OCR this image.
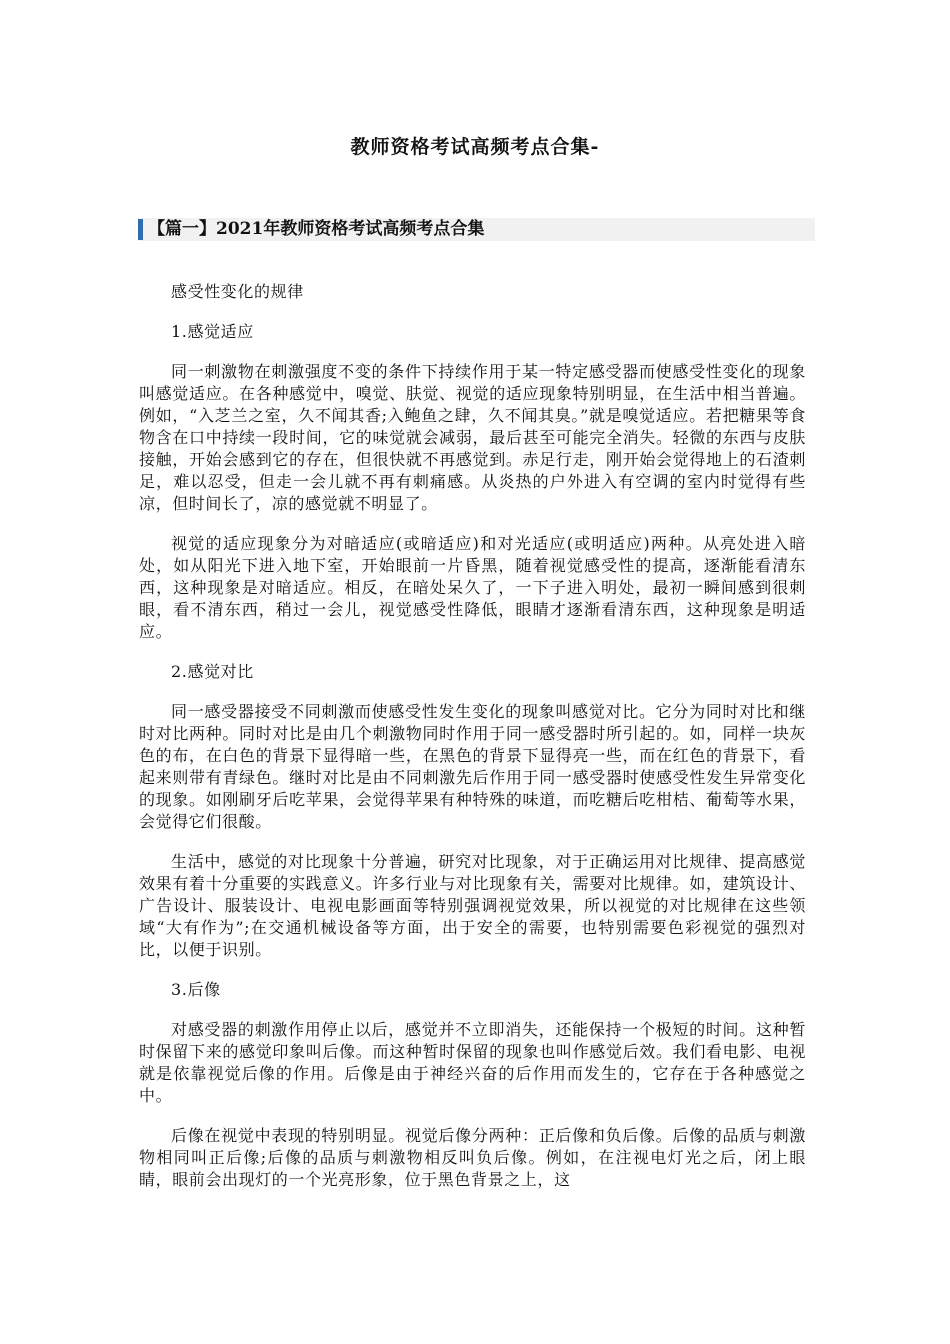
教师资格考试高频考点合集-
【篇一】2021年教师资格考试高频考点合集

感受性变化的规律

1.感觉适应

同一刺激物在刺激强度不变的条件下持续作用于某一特定感受器而使感受性变化的现象叫感觉适应。在各种感觉中，嗅觉、肤觉、视觉的适应现象特别明显，在生活中相当普遍。例如，“入芝兰之室，久不闻其香;入鲍鱼之肆，久不闻其臭。”就是嗅觉适应。若把糖果等食物含在口中持续一段时间，它的味觉就会减弱，最后甚至可能完全消失。轻微的东西与皮肤接触，开始会感到它的存在，但很快就不再感觉到。赤足行走，刚开始会觉得地上的石渣刺足，难以忍受，但走一会儿就不再有刺痛感。从炎热的户外进入有空调的室内时觉得有些凉，但时间长了，凉的感觉就不明显了。

视觉的适应现象分为对暗适应(或暗适应)和对光适应(或明适应)两种。从亮处进入暗处，如从阳光下进入地下室，开始眼前一片昏黑，随着视觉感受性的提高，逐渐能看清东西，这种现象是对暗适应。相反，在暗处呆久了，一下子进入明处，最初一瞬间感到很刺眼，看不清东西，稍过一会儿，视觉感受性降低，眼睛才逐渐看清东西，这种现象是明适应。

2.感觉对比

同一感受器接受不同刺激而使感受性发生变化的现象叫感觉对比。它分为同时对比和继时对比两种。同时对比是由几个刺激物同时作用于同一感受器时所引起的。如，同样一块灰色的布，在白色的背景下显得暗一些，在黑色的背景下显得亮一些，而在红色的背景下，看起来则带有青绿色。继时对比是由不同刺激先后作用于同一感受器时使感受性发生异常变化的现象。如刚刷牙后吃苹果，会觉得苹果有种特殊的味道，而吃糖后吃柑桔、葡萄等水果，会觉得它们很酸。

生活中，感觉的对比现象十分普遍，研究对比现象，对于正确运用对比规律、提高感觉效果有着十分重要的实践意义。许多行业与对比现象有关，需要对比规律。如，建筑设计、广告设计、服装设计、电视电影画面等特别强调视觉效果，所以视觉的对比规律在这些领域“大有作为”;在交通机械设备等方面，出于安全的需要，也特别需要色彩视觉的强烈对比，以便于识别。

3.后像

对感受器的刺激作用停止以后，感觉并不立即消失，还能保持一个极短的时间。这种暂时保留下来的感觉印象叫后像。而这种暂时保留的现象也叫作感觉后效。我们看电影、电视就是依靠视觉后像的作用。后像是由于神经兴奋的后作用而发生的，它存在于各种感觉之中。

后像在视觉中表现的特别明显。视觉后像分两种：正后像和负后像。后像的品质与刺激物相同叫正后像;后像的品质与刺激物相反叫负后像。例如，在注视电灯光之后，闭上眼睛，眼前会出现灯的一个光亮形象，位于黑色背景之上，这
